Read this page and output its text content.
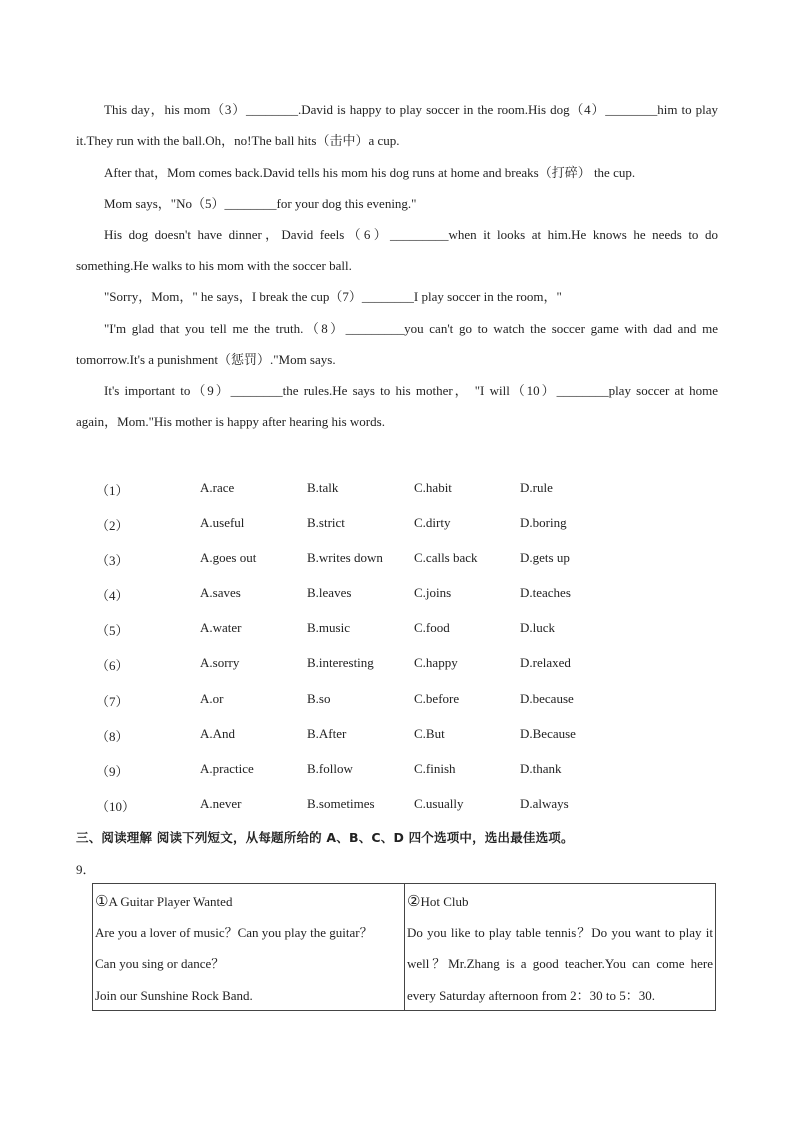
This day，his mom（3）________.David is happy to play soccer in the room.His dog（4）________him to play it.They run with the ball.Oh，no!The ball hits（击中）a cup.

After that，Mom comes back.David tells his mom his dog runs at home and breaks（打碎） the cup.

Mom says，"No（5）________for your dog this evening."

His dog doesn't have dinner，David feels（6）_________when it looks at him.He knows he needs to do something.He walks to his mom with the soccer ball.

"Sorry，Mom，" he says，I break the cup（7）________I play soccer in the room，"

"I'm glad that you tell me the truth.（8）_________you can't go to watch the soccer game with dad and me tomorrow.It's a punishment（惩罚）."Mom says.

It's important to（9）________the rules.He says to his mother， "I will（10）________play soccer at home again，Mom."His mother is happy after hearing his words.

（1）	A.race	B.talk	C.habit	D.rule
（2）	A.useful	B.strict	C.dirty	D.boring
（3）	A.goes out	B.writes down C.calls back	D.gets up
（4）	A.saves	B.leaves	C.joins	D.teaches
（5）	A.water	B.music	C.food	D.luck
（6）	A.sorry	B.interesting	C.happy	D.relaxed
（7）	A.or	B.so	C.before	D.because
（8）	A.And	B.After	C.But	D.Because
（9）	A.practice	B.follow	C.finish	D.thank
（10）	A.never	B.sometimes	C.usually	D.always
三、阅读理解 阅读下列短文，从每题所给的 A、B、C、D 四个选项中，选出最佳选项。
9．
①A Guitar Player Wanted
Are you a lover of music？Can you play the guitar？
Can you sing or dance？
Join our Sunshine Rock Band.
②Hot Club
Do you like to play table tennis？Do you want to play it well？Mr.Zhang is a good teacher.You can come here every Saturday afternoon from 2：30 to 5：30.
